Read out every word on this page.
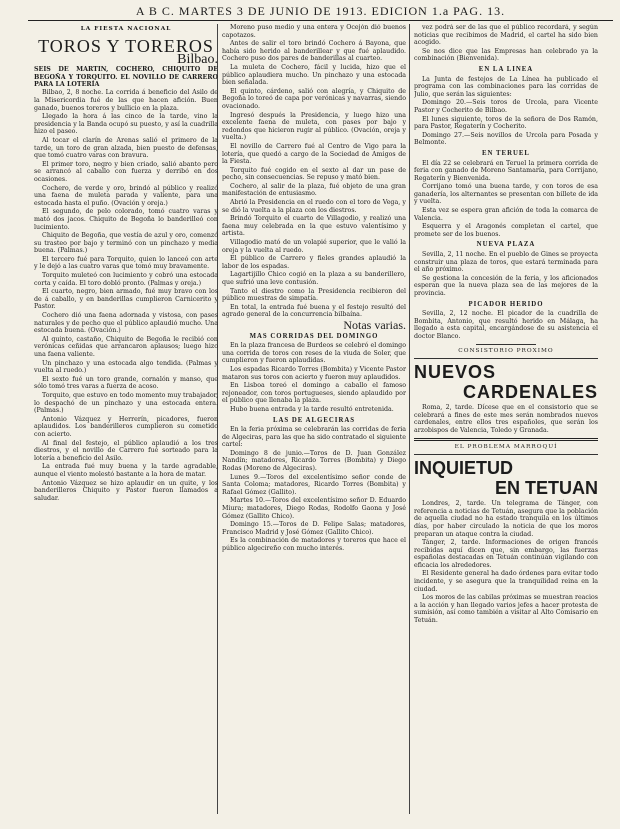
A B C. MARTES 3 DE JUNIO DE 1913. EDICION 1.a PAG. 13.
LA FIESTA NACIONAL
TOROS Y TOREROS
Bilbao.

SEIS DE MARTIN, COCHERO, CHIQUITO DE BEGOÑA Y TORQUITO. EL NOVILLO DE CARRERO PARA LA LOTERÍA

Bilbao, 2, 8 noche. La corrida á beneficio del Asilo de la Misericordia fué de las que hacen afición. Buen ganado, buenos toreros y bullicio en la plaza.

Llegado la hora á las cinco de la tarde, vino la presidencia y la Banda ocupó su puesto, y así la cuadrilla hizo el paseo.

Al tocar el clarín de Arenas salió el primero de la tarde, un toro de gran alzada, bien puesto de defensas, que tomó cuatro varas con bravura.

El primer toro, negro y bien criado, salió abanto pero se arrancó al caballo con fuerza y derribó en dos ocasiones.

Cochero, de verde y oro, brindó al público y realizó una faena de muleta parada y valiente, para una estocada hasta el puño. (Ovación y oreja.)

El segundo, de pelo colorado, tomó cuatro varas y mató dos jacos. Chiquito de Begoña lo banderilleó con lucimiento.

Chiquito de Begoña, que vestía de azul y oro, comenzó su trasteo por bajo y terminó con un pinchazo y media buena. (Palmas.)

El tercero fué para Torquito, quien lo lanceó con arte y le dejó a las cuatro varas que tomó muy bravamente.

Torquito muleteó con lucimiento y cobró una estocada corta y caída. El toro dobló pronto. (Palmas y oreja.)

El cuarto, negro, bien armado, fué muy bravo con los de á caballo, y en banderillas cumplieron Carnicerito y Pastor.

Cochero dió una faena adornada y vistosa, con pases naturales y de pecho que el público aplaudió mucho. Una estocada buena. (Ovación.)

Al quinto, castaño, Chiquito de Begoña le recibió con verónicas ceñidas que arrancaron aplausos; luego hizo una faena valiente.

Un pinchazo y una estocada algo tendida. (Palmas y vuelta al ruedo.)

El sexto fué un toro grande, cornalón y manso, que sólo tomó tres varas a fuerza de acoso.

Torquito, que estuvo en todo momento muy trabajador, lo despachó de un pinchazo y una estocada entera. (Palmas.)

Antonio Vázquez y Herrerín, picadores, fueron aplaudidos. Los banderilleros cumplieron su cometido con acierto.

Al final del festejo, el público aplaudió a los tres diestros, y el novillo de Carrero fué sorteado para la lotería a beneficio del Asilo.

La entrada fué muy buena y la tarde agradable, aunque el viento molestó bastante a la hora de matar.

Antonio Vázquez se hizo aplaudir en un quite, y los banderilleros Chiquito y Pastor fueron llamados a saludar.

Moreno puso medio y una entera y Ocejón dió buenos capotazos.

Antes de salir el toro brindó Cochero á Bayona, que había sido herido al banderillear y que fué aplaudido. Cochero puso dos pares de banderillas al cuarteo.

La muleta de Cochero, fácil y lucida, hizo que el público aplaudiera mucho. Un pinchazo y una estocada bien señalada.

El quinto, cárdeno, salió con alegría, y Chiquito de Begoña lo toreó de capa por verónicas y navarras, siendo ovacionado.

Ingresó después la Presidencia, y luego hizo una excelente faena de muleta, con pases por bajo y redondos que hicieron rugir al público. (Ovación, oreja y vuelta.)

El novillo de Carrero fué al Centro de Vigo para la lotería, que quedó a cargo de la Sociedad de Amigos de la Fiesta.

Torquito fué cogido en el sexto al dar un pase de pecho, sin consecuencias. Se repuso y mató bien.

Cochero, al salir de la plaza, fué objeto de una gran manifestación de entusiasmo.

Abrió la Presidencia en el ruedo con el toro de Vega, y se dió la vuelta a la plaza con los diestros.

Brindó Torquito el cuarto de Villagodio, y realizó una faena muy celebrada en la que estuvo valentísimo y artista.

Villagodio mató de un volapié superior, que le valió la oreja y la vuelta al ruedo.

El público de Carrero y fieles grandes aplaudió la labor de los espadas.

Lagartijillo Chico cogió en la plaza a su banderillero, que sufrió una leve contusión.

Tanto el diestro como la Presidencia recibieron del público muestras de simpatía.

En total, la entrada fué buena y el festejo resultó del agrado general de la concurrencia bilbaína.

Notas varias.
MAS CORRIDAS DEL DOMINGO

En la plaza francesa de Burdeos se celebró el domingo una corrida de toros con reses de la viuda de Soler, que cumplieron y fueron aplaudidas.

Los espadas Ricardo Torres (Bombita) y Vicente Pastor mataron sus toros con acierto y fueron muy aplaudidos.

En Lisboa toreó el domingo a caballo el famoso rejoneador, con toros portugueses, siendo aplaudido por el público que llenaba la plaza.

Hubo buena entrada y la tarde resultó entretenida.

LAS DE ALGECIRAS

En la feria próxima se celebrarán las corridas de feria de Algeciras, para las que ha sido contratado el siguiente cartel:

Domingo 8 de junio.—Toros de D. Juan González Nandín; matadores, Ricardo Torres (Bombita) y Diego Rodas (Moreno de Algeciras).

Lunes 9.—Toros del excelentísimo señor conde de Santa Coloma; matadores, Ricardo Torres (Bombita) y Rafael Gómez (Gallito).

Martes 10.—Toros del excelentísimo señor D. Eduardo Miura; matadores, Diego Rodas, Rodolfo Gaona y José Gómez (Gallito Chico).

Domingo 15.—Toros de D. Felipe Salas; matadores, Francisco Madrid y José Gómez (Gallito Chico).

Es la combinación de matadores y toreros que hace el público algecireño con mucho interés.

vez podrá ser de las que el público recordará, y según noticias que recibimos de Madrid, el cartel ha sido bien acogido.

Se nos dice que las Empresas han celebrado ya la combinación (Bienvenida).

EN LA LINEA

La Junta de festejos de La Línea ha publicado el programa con las combinaciones para las corridas de Julio, que serán las siguientes:

Domingo 20.—Seis toros de Urcola, para Vicente Pastor y Cocherito de Bilbao.

El lunes siguiente, toros de la señora de Dos Ramón, para Pastor, Regaterín y Cocherito.

Domingo 27.—Seis novillos de Urcola para Posada y Belmonte.

EN TERUEL

El día 22 se celebrará en Teruel la primera corrida de feria con ganado de Moreno Santamaría, para Corrijano, Regaterín y Bienvenida.

Corrijano tomó una buena tarde, y con toros de esa ganadería, los alternantes se presentan con billete de ida y vuelta.

Esta vez se espera gran afición de toda la comarca de Valencia.

Esquerra y el Aragonés completan el cartel, que promete ser de los buenos.

NUEVA PLAZA

Sevilla, 2, 11 noche. En el pueblo de Gines se proyecta construir una plaza de toros, que estará terminada para el año próximo.

Se gestiona la concesión de la feria, y los aficionados esperan que la nueva plaza sea de las mejores de la provincia.

PICADOR HERIDO

Sevilla, 2, 12 noche. El picador de la cuadrilla de Bombita, Antonio, que resultó herido en Málaga, ha llegado a esta capital, encargándose de su asistencia el doctor Blanco.

CONSISTORIO PROXIMO
NUEVOS
CARDENALES

Roma, 2, tarde. Dícese que en el consistorio que se celebrará a fines de este mes serán nombrados nuevos cardenales, entre ellos tres españoles, que serán los arzobispos de Valencia, Toledo y Granada.

EL PROBLEMA MARROQUÍ
INQUIETUD
EN TETUAN

Londres, 2, tarde. Un telegrama de Tánger, con referencia a noticias de Tetuán, asegura que la población de aquella ciudad no ha estado tranquila en los últimos días, por haber circulado la noticia de que los moros preparan un ataque contra la ciudad.

Tánger, 2, tarde. Informaciones de origen francés recibidas aquí dicen que, sin embargo, las fuerzas españolas destacadas en Tetuán continúan vigilando con eficacia los alrededores.

El Residente general ha dado órdenes para evitar todo incidente, y se asegura que la tranquilidad reina en la ciudad.

Los moros de las cabilas próximas se muestran reacios a la acción y han llegado varios jefes a hacer protesta de sumisión, así como también a visitar al Alto Comisario en Tetuán.
